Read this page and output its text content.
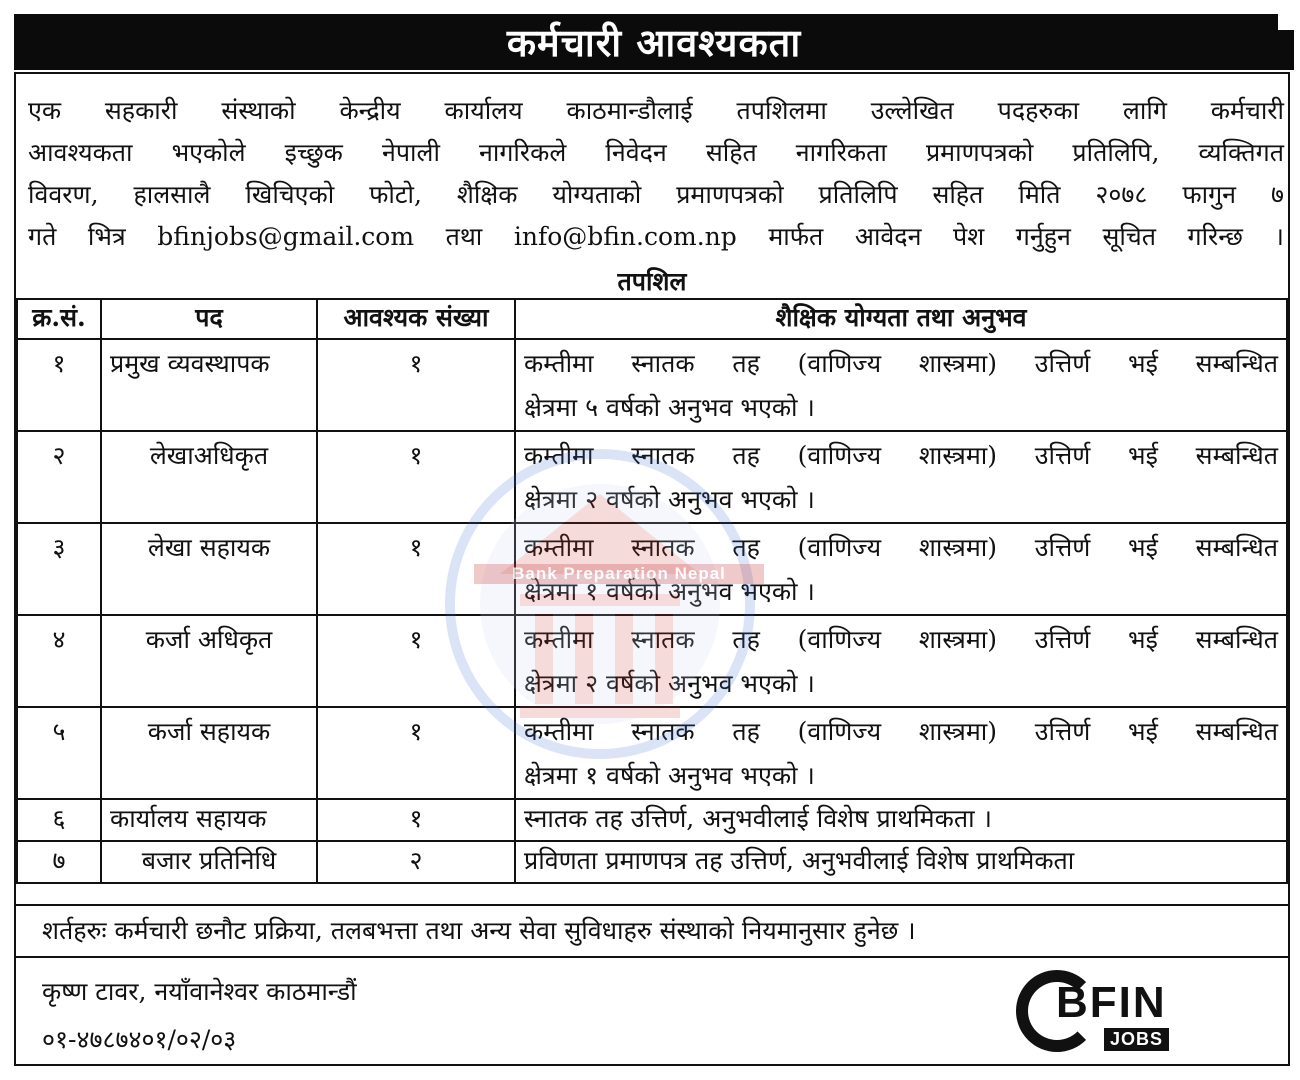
कर्मचारी आवश्यकता
एक सहकारी संस्थाको केन्द्रीय कार्यालय काठमान्डौलाई तपशिलमा उल्लेखित पदहरुका लागि कर्मचारी
आवश्यकता भएकोले इच्छुक नेपाली नागरिकले निवेदन सहित नागरिकता प्रमाणपत्रको प्रतिलिपि, व्यक्तिगत
विवरण, हालसालै खिचिएको फोटो, शैक्षिक योग्यताको प्रमाणपत्रको प्रतिलिपि सहित मिति २०७८ फागुन ७
गते भित्र bfinjobs@gmail.com तथा info@bfin.com.np मार्फत आवेदन पेश गर्नुहुन सूचित गरिन्छ ।
तपशिल
क्र.सं.	पद	आवश्यक संख्या	शैक्षिक योग्यता तथा अनुभव
१	प्रमुख व्यवस्थापक	१	कम्तीमा स्नातक तह (वाणिज्य शास्त्रमा) उत्तिर्ण भई सम्बन्धित
क्षेत्रमा ५ वर्षको अनुभव भएको ।

२	लेखाअधिकृत	१	कम्तीमा स्नातक तह (वाणिज्य शास्त्रमा) उत्तिर्ण भई सम्बन्धित
क्षेत्रमा २ वर्षको अनुभव भएको ।

३	लेखा सहायक	१	कम्तीमा स्नातक तह (वाणिज्य शास्त्रमा) उत्तिर्ण भई सम्बन्धित
क्षेत्रमा १ वर्षको अनुभव भएको ।

४	कर्जा अधिकृत	१	कम्तीमा स्नातक तह (वाणिज्य शास्त्रमा) उत्तिर्ण भई सम्बन्धित
क्षेत्रमा २ वर्षको अनुभव भएको ।

५	कर्जा सहायक	१	कम्तीमा स्नातक तह (वाणिज्य शास्त्रमा) उत्तिर्ण भई सम्बन्धित
क्षेत्रमा १ वर्षको अनुभव भएको ।

६	कार्यालय सहायक	१	स्नातक तह उत्तिर्ण, अनुभवीलाई विशेष प्राथमिकता ।
७	बजार प्रतिनिधि	२	प्रविणता प्रमाणपत्र तह उत्तिर्ण, अनुभवीलाई विशेष प्राथमिकता
शर्तहरुः कर्मचारी छनौट प्रक्रिया, तलबभत्ता तथा अन्य सेवा सुविधाहरु संस्थाको नियमानुसार हुनेछ ।
कृष्ण टावर, नयाँवानेश्वर काठमान्डौं
०१-४७८७४०१/०२/०३
BFIN
JOBS
Bank Preparation Nepal
